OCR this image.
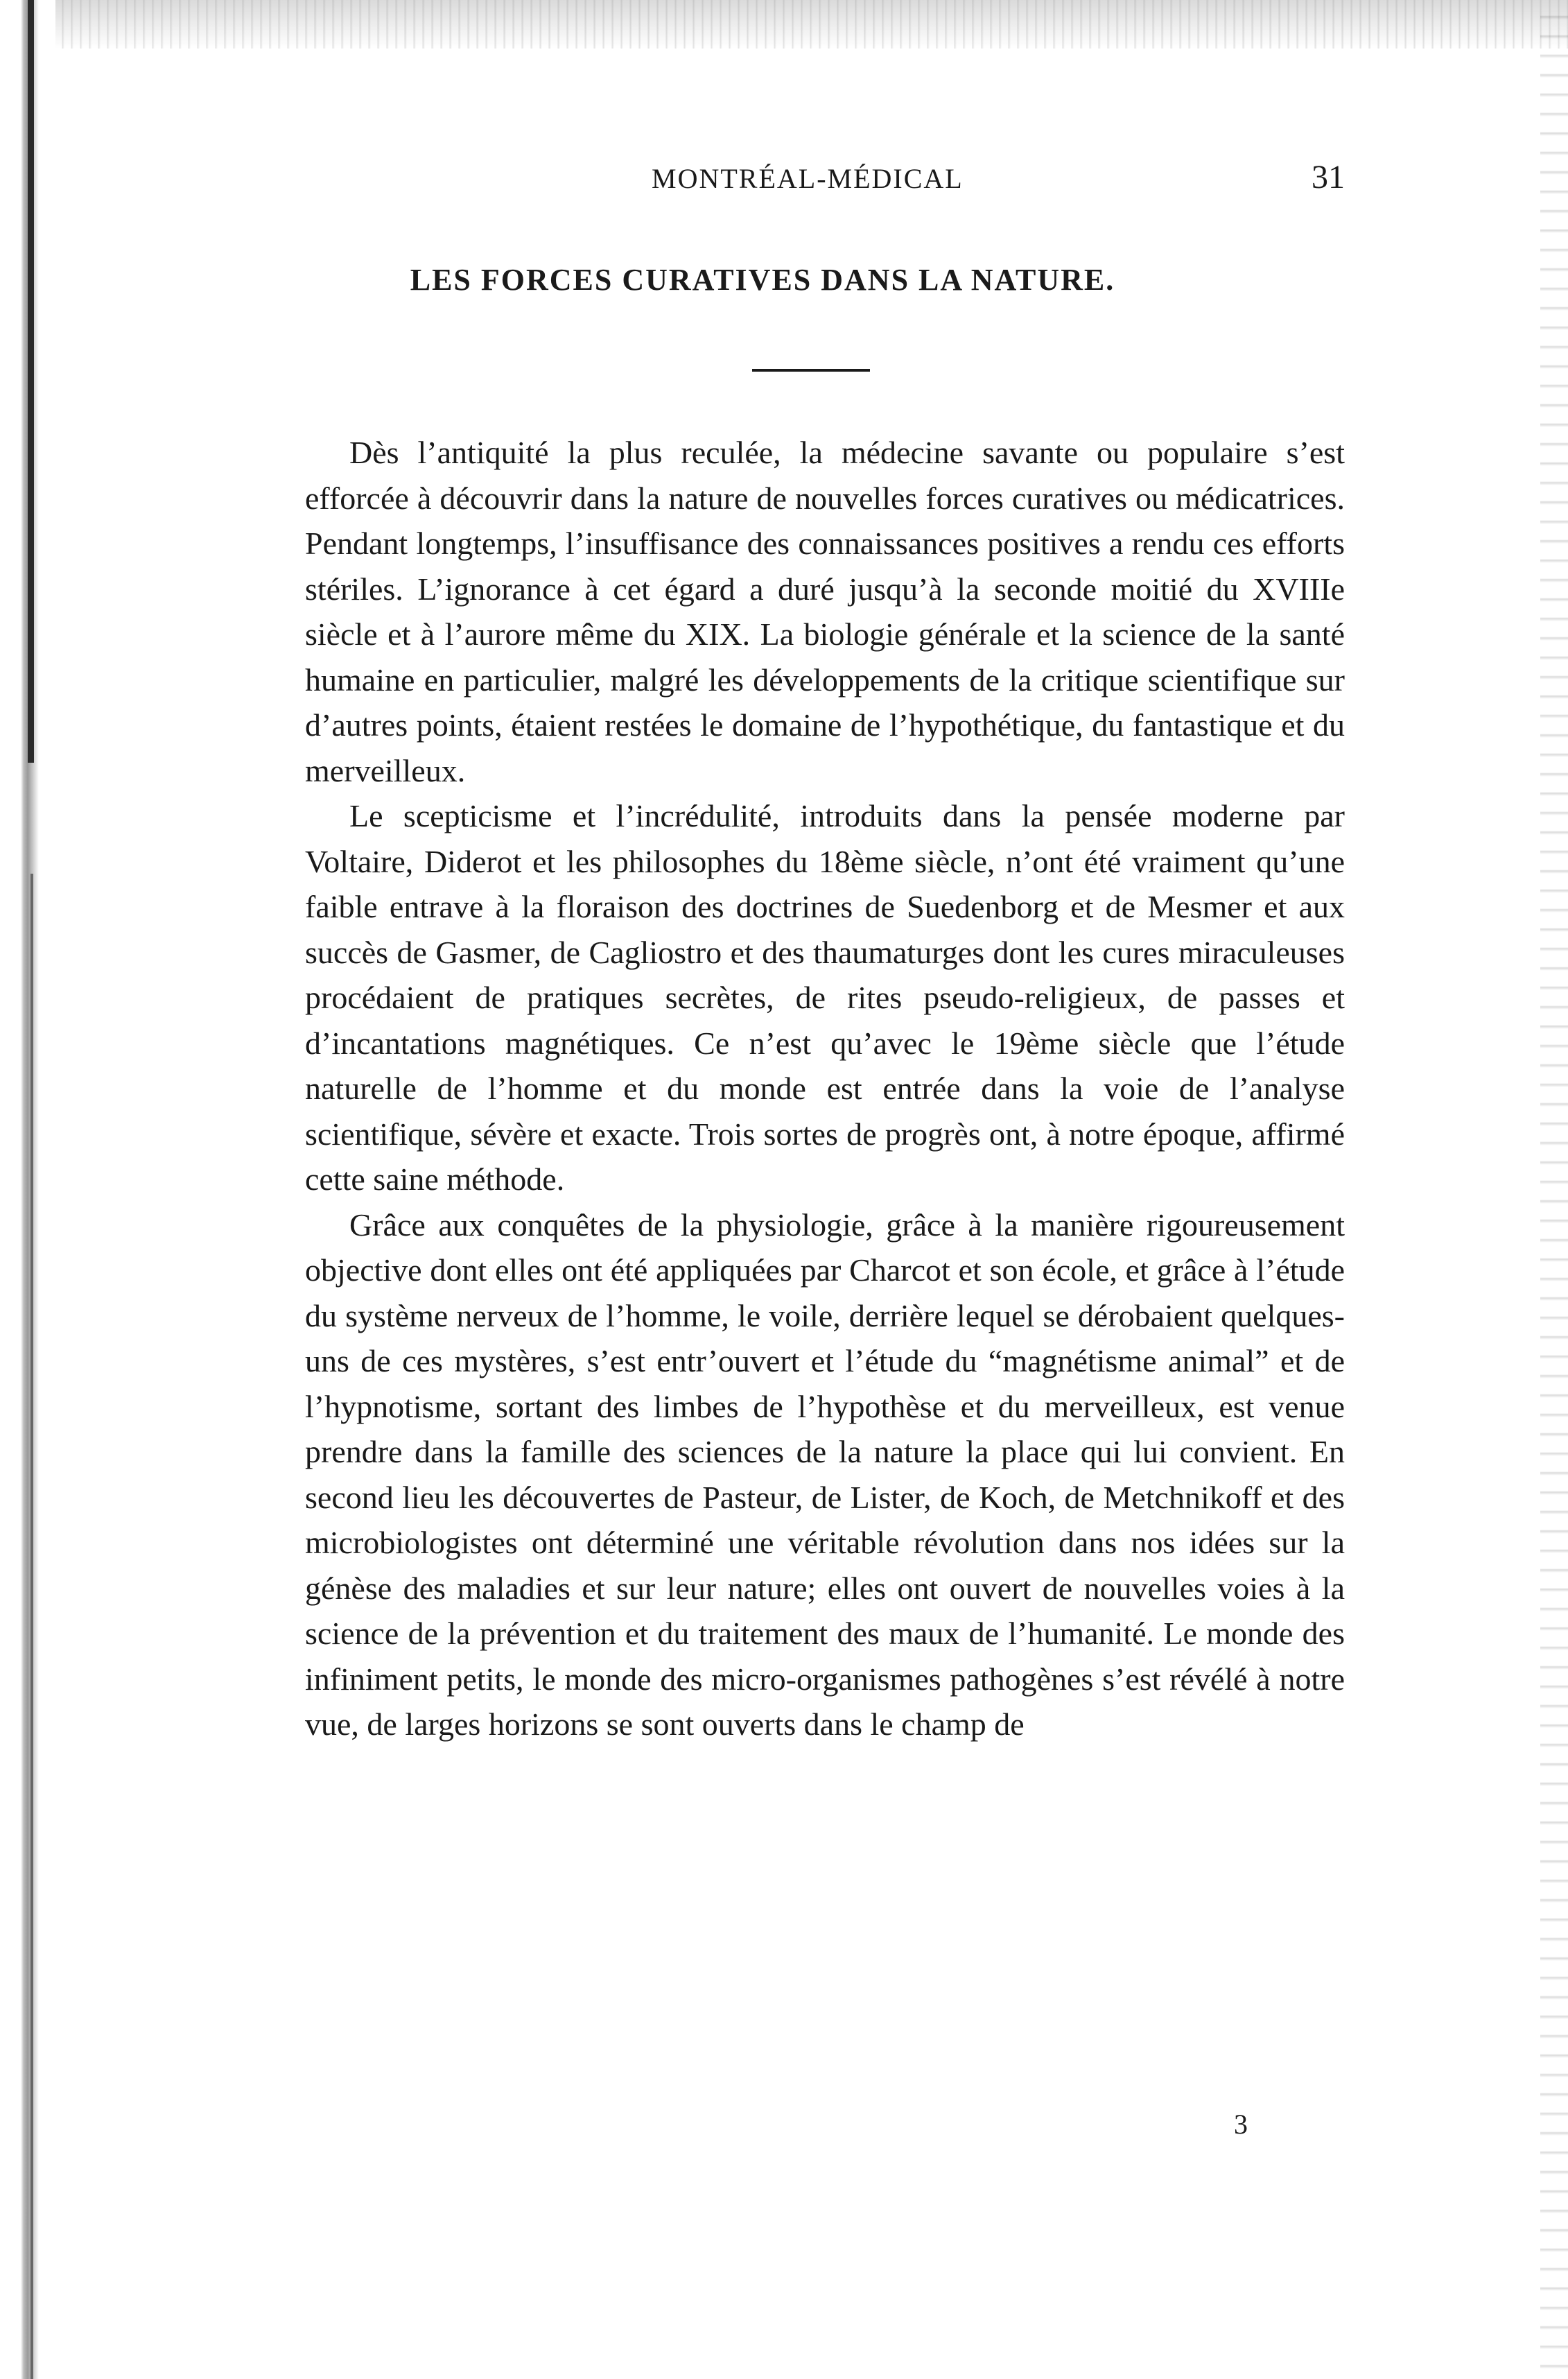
MONTRÉAL-MÉDICAL	31
LES FORCES CURATIVES DANS LA NATURE.

Dès l’antiquité la plus reculée, la médecine savante ou populaire s’est efforcée à découvrir dans la nature de nouvelles forces curatives ou médicatrices. Pendant longtemps, l’insuffisance des connaissances positives a rendu ces efforts stériles. L’ignorance à cet égard a duré jusqu’à la seconde moitié du XVIIIe siècle et à l’aurore même du XIX. La biologie générale et la science de la santé humaine en particulier, malgré les développements de la critique scientifique sur d’autres points, étaient restées le domaine de l’hypothétique, du fantastique et du merveilleux.

Le scepticisme et l’incrédulité, introduits dans la pensée moderne par Voltaire, Diderot et les philosophes du 18ème siècle, n’ont été vraiment qu’une faible entrave à la floraison des doctrines de Suedenborg et de Mesmer et aux succès de Gasmer, de Cagliostro et des thaumaturges dont les cures miraculeuses procédaient de pratiques secrètes, de rites pseudo-religieux, de passes et d’incantations magnétiques. Ce n’est qu’avec le 19ème siècle que l’étude naturelle de l’homme et du monde est entrée dans la voie de l’analyse scientifique, sévère et exacte. Trois sortes de progrès ont, à notre époque, affirmé cette saine méthode.

Grâce aux conquêtes de la physiologie, grâce à la manière rigoureusement objective dont elles ont été appliquées par Charcot et son école, et grâce à l’étude du système nerveux de l’homme, le voile, derrière lequel se dérobaient quelques-uns de ces mystères, s’est entr’ouvert et l’étude du “magnétisme animal” et de l’hypnotisme, sortant des limbes de l’hypothèse et du merveilleux, est venue prendre dans la famille des sciences de la nature la place qui lui convient. En second lieu les découvertes de Pasteur, de Lister, de Koch, de Metchnikoff et des microbiologistes ont déterminé une véritable révolution dans nos idées sur la génèse des maladies et sur leur nature; elles ont ouvert de nouvelles voies à la science de la prévention et du traitement des maux de l’humanité. Le monde des infiniment petits, le monde des micro-organismes pathogènes s’est révélé à notre vue, de larges horizons se sont ouverts dans le champ de

3
